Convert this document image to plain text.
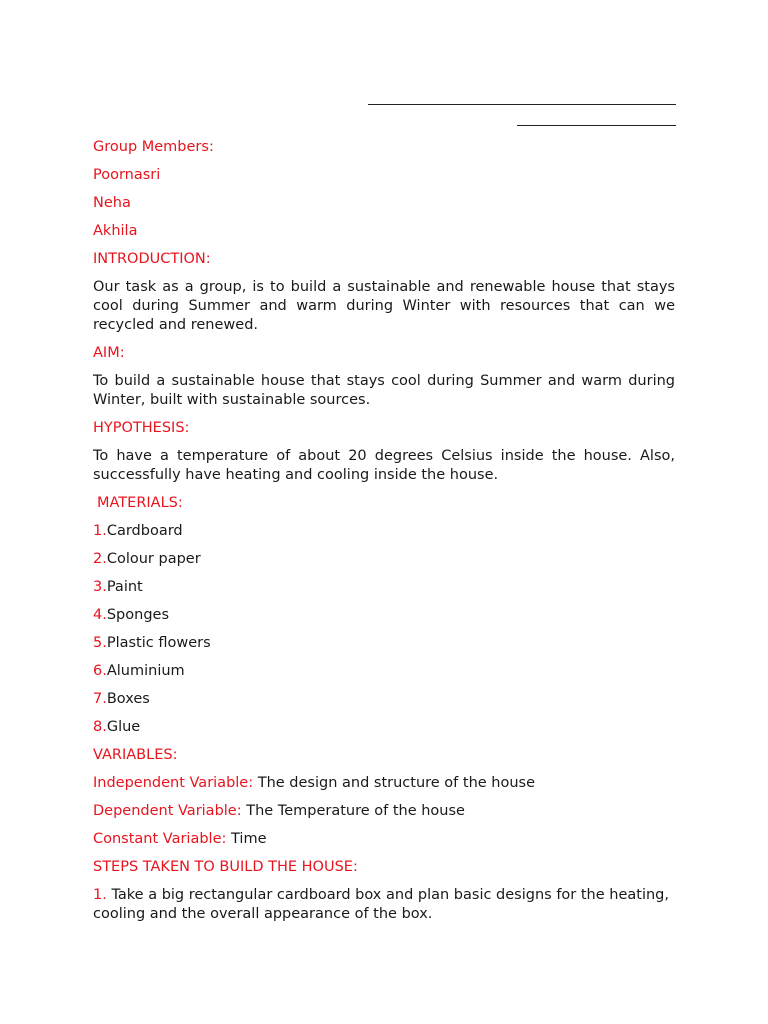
Group Members:

Poornasri

Neha

Akhila

INTRODUCTION:

Our task as a group, is to build a sustainable and renewable house that stays cool during Summer and warm during Winter with resources that can we recycled and renewed.

AIM:

To build a sustainable house that stays cool during Summer and warm during Winter, built with sustainable sources.

HYPOTHESIS:

To have a temperature of about 20 degrees Celsius inside the house. Also, successfully have heating and cooling inside the house.

MATERIALS:

1.Cardboard

2.Colour paper

3.Paint

4.Sponges

5.Plastic flowers

6.Aluminium

7.Boxes

8.Glue

VARIABLES:

Independent Variable: The design and structure of the house

Dependent Variable: The Temperature of the house

Constant Variable: Time

STEPS TAKEN TO BUILD THE HOUSE:

1. Take a big rectangular cardboard box and plan basic designs for the heating, cooling and the overall appearance of the box.
